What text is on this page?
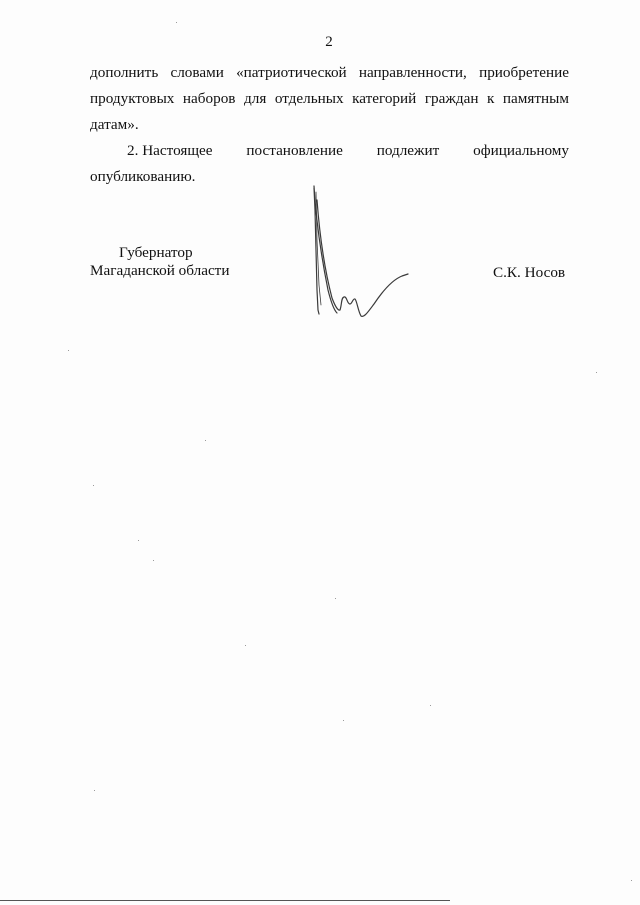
2
дополнить словами «патриотической направленности, приобретение
продуктовых наборов для отдельных категорий граждан к памятным
датам».
2. Настоящее постановление подлежит официальному
опубликованию.
Губернатор
Магаданской области	С.К. Носов
